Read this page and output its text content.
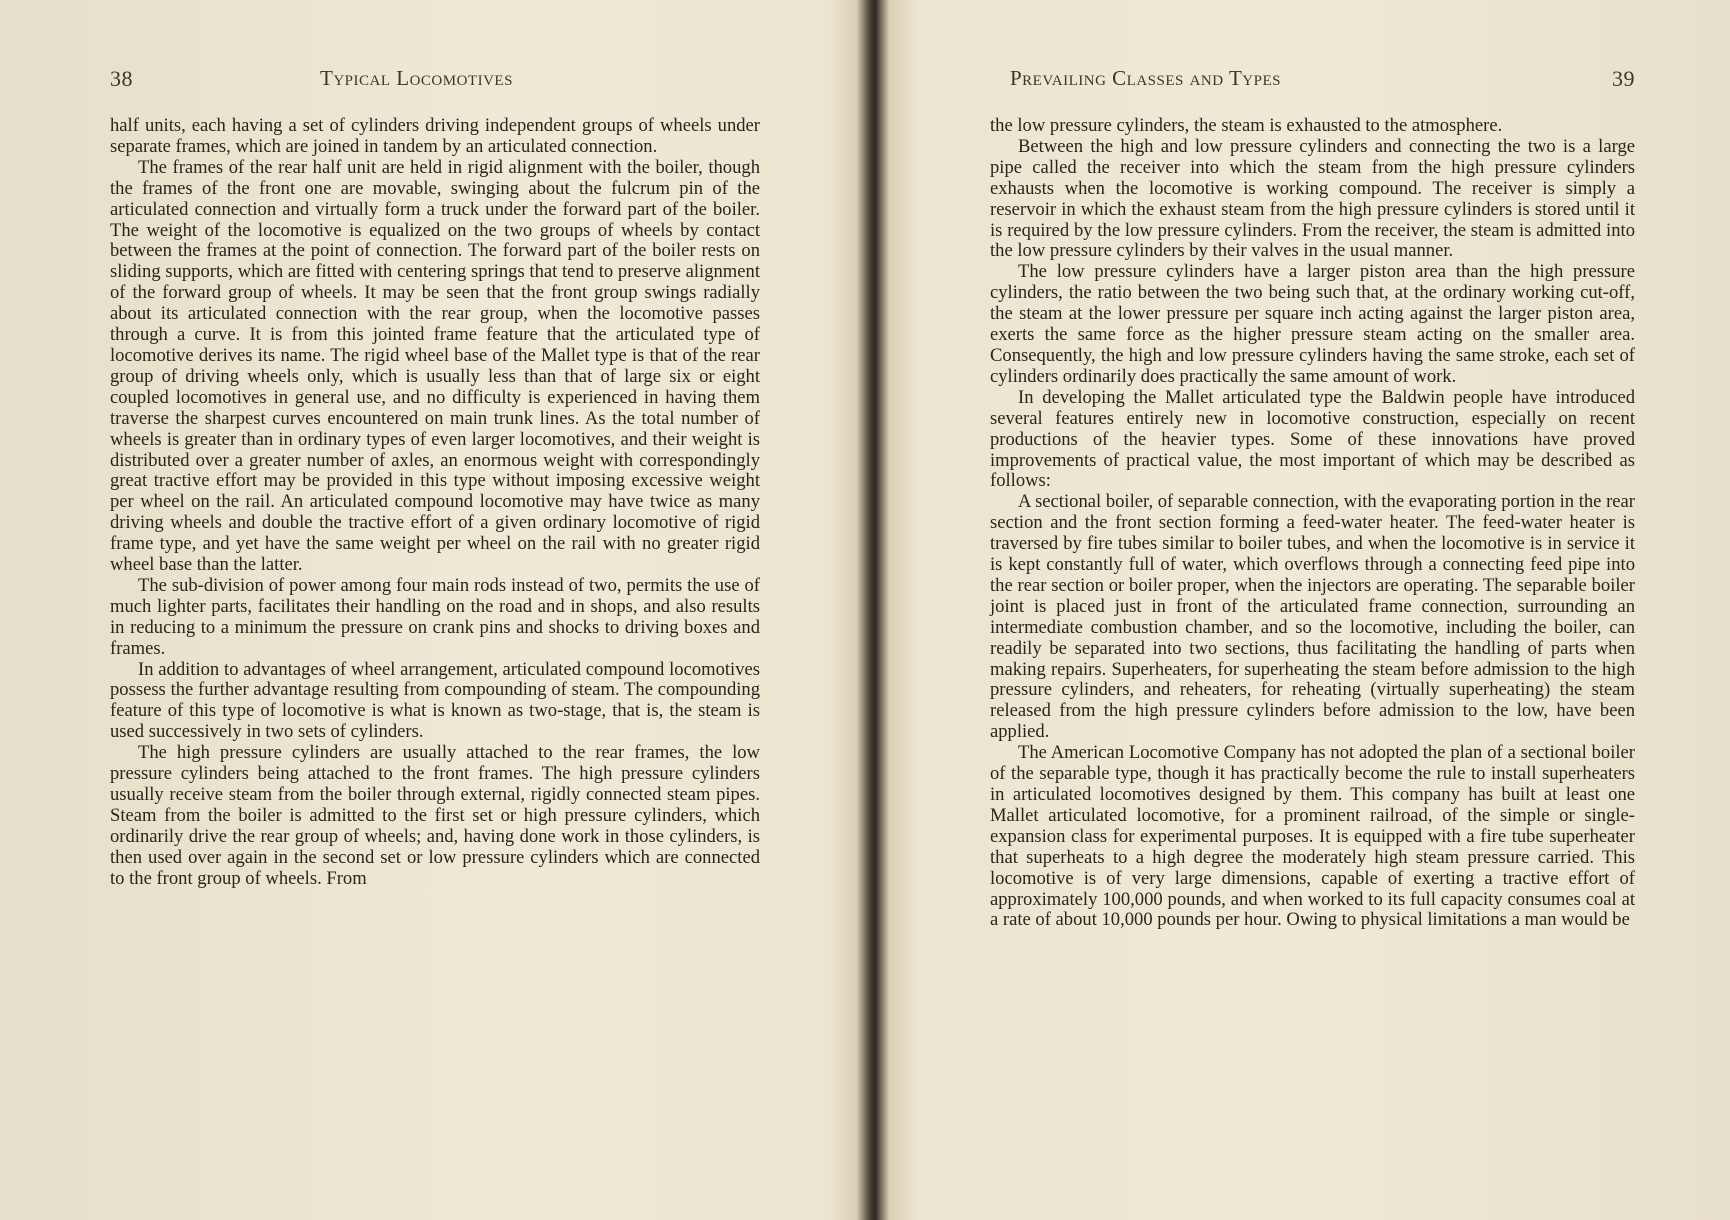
38	Typical Locomotives

half units, each having a set of cylinders driving independent groups of wheels under separate frames, which are joined in tandem by an articulated connection.

The frames of the rear half unit are held in rigid alignment with the boiler, though the frames of the front one are movable, swinging about the fulcrum pin of the articulated connection and virtually form a truck under the forward part of the boiler. The weight of the locomotive is equalized on the two groups of wheels by contact between the frames at the point of connection. The forward part of the boiler rests on sliding supports, which are fitted with centering springs that tend to preserve alignment of the forward group of wheels. It may be seen that the front group swings radially about its articulated connection with the rear group, when the locomotive passes through a curve. It is from this jointed frame feature that the articulated type of locomotive derives its name. The rigid wheel base of the Mallet type is that of the rear group of driving wheels only, which is usually less than that of large six or eight coupled locomotives in general use, and no difficulty is experienced in having them traverse the sharpest curves encountered on main trunk lines. As the total number of wheels is greater than in ordinary types of even larger locomotives, and their weight is distributed over a greater number of axles, an enormous weight with correspondingly great tractive effort may be provided in this type without imposing excessive weight per wheel on the rail. An articulated compound locomotive may have twice as many driving wheels and double the tractive effort of a given ordinary locomotive of rigid frame type, and yet have the same weight per wheel on the rail with no greater rigid wheel base than the latter.

The sub-division of power among four main rods instead of two, permits the use of much lighter parts, facilitates their handling on the road and in shops, and also results in reducing to a minimum the pressure on crank pins and shocks to driving boxes and frames.

In addition to advantages of wheel arrangement, articulated compound locomotives possess the further advantage resulting from compounding of steam. The compounding feature of this type of locomotive is what is known as two-stage, that is, the steam is used successively in two sets of cylinders.

The high pressure cylinders are usually attached to the rear frames, the low pressure cylinders being attached to the front frames. The high pressure cylinders usually receive steam from the boiler through external, rigidly connected steam pipes. Steam from the boiler is admitted to the first set or high pressure cylinders, which ordinarily drive the rear group of wheels; and, having done work in those cylinders, is then used over again in the second set or low pressure cylinders which are connected to the front group of wheels. From

Prevailing Classes and Types	39

the low pressure cylinders, the steam is exhausted to the atmosphere.

Between the high and low pressure cylinders and connecting the two is a large pipe called the receiver into which the steam from the high pressure cylinders exhausts when the locomotive is working compound. The receiver is simply a reservoir in which the exhaust steam from the high pressure cylinders is stored until it is required by the low pressure cylinders. From the receiver, the steam is admitted into the low pressure cylinders by their valves in the usual manner.

The low pressure cylinders have a larger piston area than the high pressure cylinders, the ratio between the two being such that, at the ordinary working cut-off, the steam at the lower pressure per square inch acting against the larger piston area, exerts the same force as the higher pressure steam acting on the smaller area. Consequently, the high and low pressure cylinders having the same stroke, each set of cylinders ordinarily does practically the same amount of work.

In developing the Mallet articulated type the Baldwin people have introduced several features entirely new in locomotive construction, especially on recent productions of the heavier types. Some of these innovations have proved improvements of practical value, the most important of which may be described as follows:

A sectional boiler, of separable connection, with the evaporating portion in the rear section and the front section forming a feed-water heater. The feed-water heater is traversed by fire tubes similar to boiler tubes, and when the locomotive is in service it is kept constantly full of water, which overflows through a connecting feed pipe into the rear section or boiler proper, when the injectors are operating. The separable boiler joint is placed just in front of the articulated frame connection, surrounding an intermediate combustion chamber, and so the locomotive, including the boiler, can readily be separated into two sections, thus facilitating the handling of parts when making repairs. Superheaters, for superheating the steam before admission to the high pressure cylinders, and reheaters, for reheating (virtually superheating) the steam released from the high pressure cylinders before admission to the low, have been applied.

The American Locomotive Company has not adopted the plan of a sectional boiler of the separable type, though it has practically become the rule to install superheaters in articulated locomotives designed by them. This company has built at least one Mallet articulated locomotive, for a prominent railroad, of the simple or single-expansion class for experimental purposes. It is equipped with a fire tube superheater that superheats to a high degree the moderately high steam pressure carried. This locomotive is of very large dimensions, capable of exerting a tractive effort of approximately 100,000 pounds, and when worked to its full capacity consumes coal at a rate of about 10,000 pounds per hour. Owing to physical limitations a man would be
